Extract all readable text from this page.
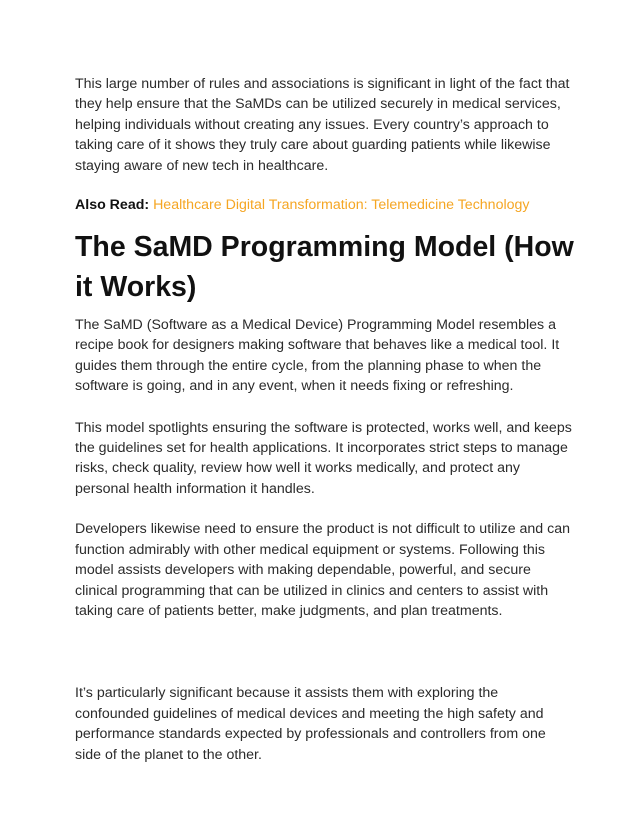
This large number of rules and associations is significant in light of the fact that they help ensure that the SaMDs can be utilized securely in medical services, helping individuals without creating any issues. Every country’s approach to taking care of it shows they truly care about guarding patients while likewise staying aware of new tech in healthcare.

Also Read: Healthcare Digital Transformation: Telemedicine Technology

The SaMD Programming Model (How it Works)

The SaMD (Software as a Medical Device) Programming Model resembles a recipe book for designers making software that behaves like a medical tool. It guides them through the entire cycle, from the planning phase to when the software is going, and in any event, when it needs fixing or refreshing.

This model spotlights ensuring the software is protected, works well, and keeps the guidelines set for health applications. It incorporates strict steps to manage risks, check quality, review how well it works medically, and protect any personal health information it handles.

Developers likewise need to ensure the product is not difficult to utilize and can function admirably with other medical equipment or systems. Following this model assists developers with making dependable, powerful, and secure clinical programming that can be utilized in clinics and centers to assist with taking care of patients better, make judgments, and plan treatments.

It’s particularly significant because it assists them with exploring the confounded guidelines of medical devices and meeting the high safety and performance standards expected by professionals and controllers from one side of the planet to the other.
